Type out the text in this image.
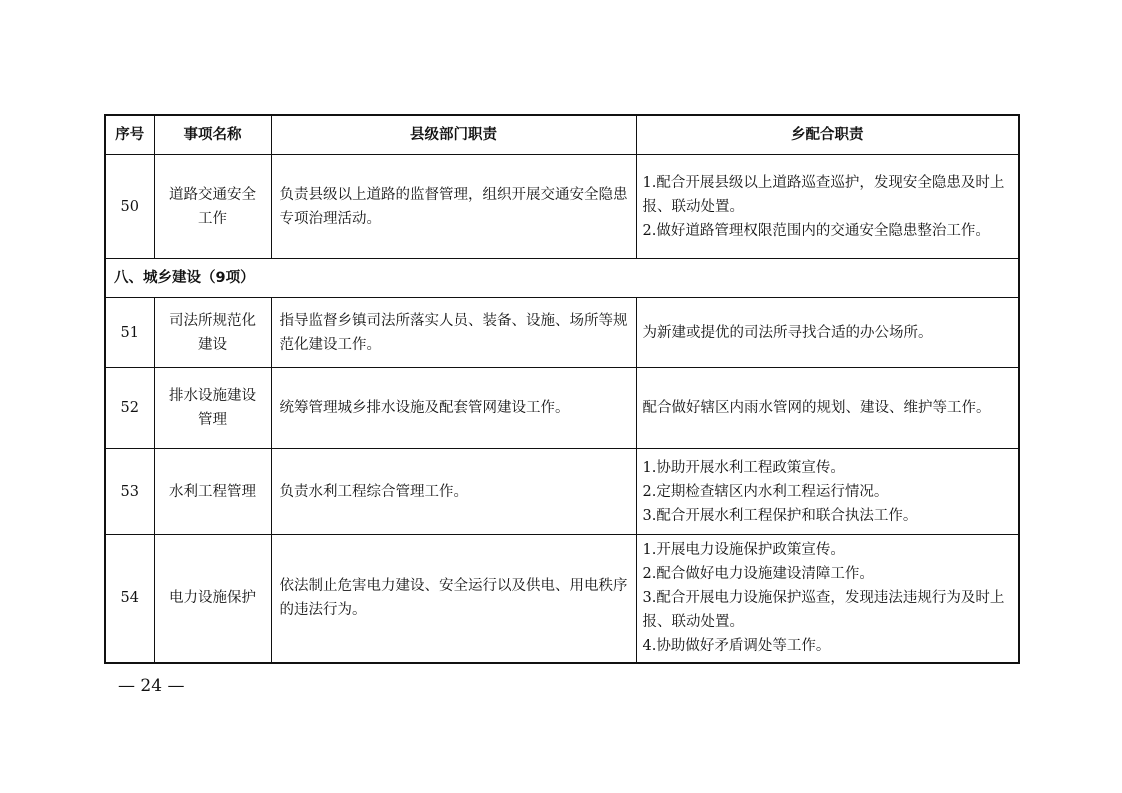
序号	事项名称	县级部门职责	乡配合职责
50	道路交通安全工作	负责县级以上道路的监督管理，组织开展交通安全隐患专项治理活动。	1.配合开展县级以上道路巡查巡护，发现安全隐患及时上报、联动处置。
2.做好道路管理权限范围内的交通安全隐患整治工作。

八、城乡建设（9项）			
51	司法所规范化建设	指导监督乡镇司法所落实人员、装备、设施、场所等规范化建设工作。	为新建或提优的司法所寻找合适的办公场所。

52	排水设施建设管理	统筹管理城乡排水设施及配套管网建设工作。	配合做好辖区内雨水管网的规划、建设、维护等工作。

53	水利工程管理	负责水利工程综合管理工作。	1.协助开展水利工程政策宣传。
2.定期检查辖区内水利工程运行情况。
3.配合开展水利工程保护和联合执法工作。

54	电力设施保护	依法制止危害电力建设、安全运行以及供电、用电秩序的违法行为。	1.开展电力设施保护政策宣传。
2.配合做好电力设施建设清障工作。
3.配合开展电力设施保护巡查，发现违法违规行为及时上报、联动处置。
4.协助做好矛盾调处等工作。
— 24 —
